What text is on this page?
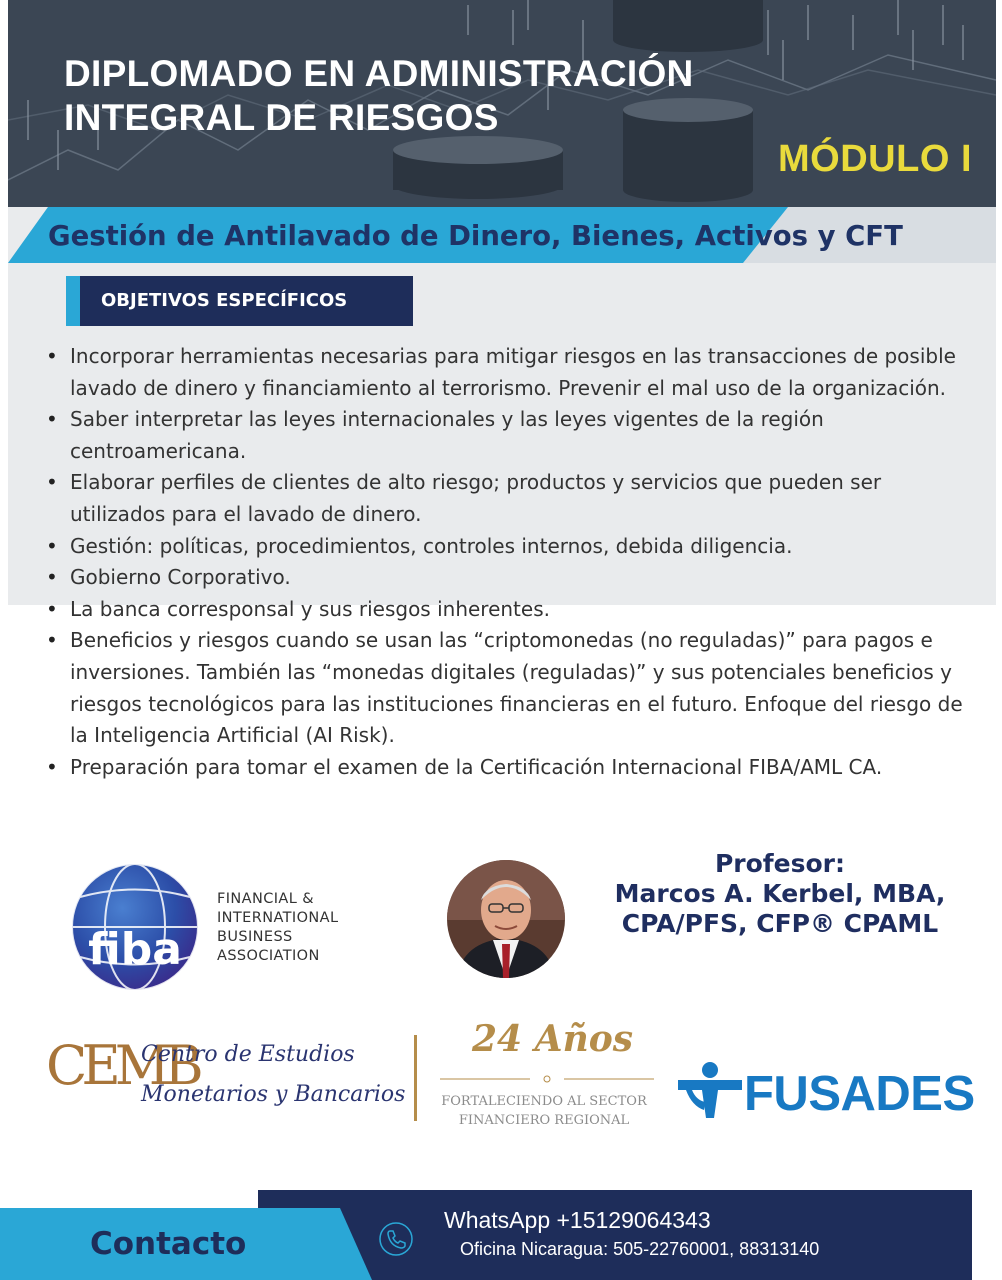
DIPLOMADO EN ADMINISTRACIÓN
INTEGRAL DE RIESGOS
MÓDULO I
Gestión de Antilavado de Dinero, Bienes, Activos y CFT
OBJETIVOS ESPECÍFICOS
• Incorporar herramientas necesarias para mitigar riesgos en las transacciones de posible lavado de dinero y financiamiento al terrorismo. Prevenir el mal uso de la organización.
• Saber interpretar las leyes internacionales y las leyes vigentes de la región centroamericana.
• Elaborar perfiles de clientes de alto riesgo; productos y servicios que pueden ser utilizados para el lavado de dinero.
• Gestión: políticas, procedimientos, controles internos, debida diligencia.
• Gobierno Corporativo.
• La banca corresponsal y sus riesgos inherentes.
• Beneficios y riesgos cuando se usan las “criptomonedas (no reguladas)” para pagos e inversiones. También las “monedas digitales (reguladas)” y sus potenciales beneficios y riesgos tecnológicos para las instituciones financieras en el futuro. Enfoque del riesgo de la Inteligencia Artificial (AI Risk).
• Preparación para tomar el examen de la Certificación Internacional FIBA/AML CA.
fiba
FINANCIAL &
INTERNATIONAL
BUSINESS
ASSOCIATION
Profesor:
Marcos A. Kerbel, MBA,
CPA/PFS, CFP® CPAML
CEMB
Centro de Estudios
Monetarios y Bancarios
24 Años
FORTALECIENDO AL SECTOR
FINANCIERO REGIONAL	FUSADES
Contacto
WhatsApp +15129064343
Oficina Nicaragua: 505-22760001, 88313140
